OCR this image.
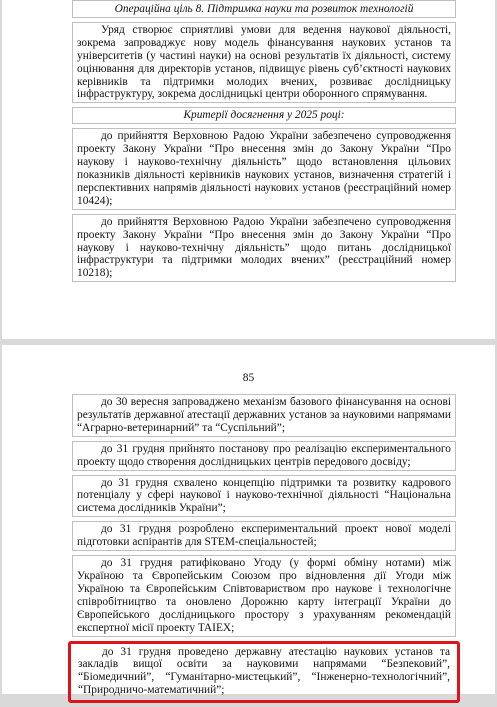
Операційна ціль 8. Підтримка науки та розвиток технологій
Уряд створює сприятливі умови для ведення наукової діяльності, зокрема запроваджує нову модель фінансування наукових установ та університетів (у частині науки) на основі результатів їх діяльності, систему оцінювання для директорів установ, підвищує рівень суб’єктності наукових керівників та підтримки молодих вчених, розвиває дослідницьку інфраструктуру, зокрема дослідницькі центри оборонного спрямування.
Критерії досягнення у 2025 році:
до прийняття Верховною Радою України забезпечено супроводження проекту Закону України “Про внесення змін до Закону України “Про наукову і науково-технічну діяльність” щодо встановлення цільових показників діяльності керівників наукових установ, визначення стратегій і перспективних напрямів діяльності наукових установ (реєстраційний номер 10424);
до прийняття Верховною Радою України забезпечено супроводження проекту Закону України “Про внесення змін до Закону України “Про наукову і науково-технічну діяльність” щодо питань дослідницької інфраструктури та підтримки молодих вчених” (реєстраційний номер 10218);
85
до 30 вересня запроваджено механізм базового фінансування на основі результатів державної атестації державних установ за науковими напрямами “Аграрно-ветеринарний” та “Суспільний”;
до 31 грудня прийнято постанову про реалізацію експериментального проекту щодо створення дослідницьких центрів передового досвіду;
до 31 грудня схвалено концепцію підтримки та розвитку кадрового потенціалу у сфері наукової і науково-технічної діяльності “Національна система дослідників України”;
до 31 грудня розроблено експериментальний проект нової моделі підготовки аспірантів для STEM-спеціальностей;
до 31 грудня ратифіковано Угоду (у формі обміну нотами) між Україною та Європейським Союзом про відновлення дії Угоди між Україною та Європейським Співтовариством про наукове і технологічне співробітництво та оновлено Дорожню карту інтеграції України до Європейського дослідницького простору з урахуванням рекомендацій експертної місії проекту TAIEX;
до 31 грудня проведено державну атестацію наукових установ та закладів вищої освіти за науковими напрямами “Безпековий”, “Біомедичний”, “Гуманітарно-мистецький”, “Інженерно-технологічний”, “Природничо-математичний”;
